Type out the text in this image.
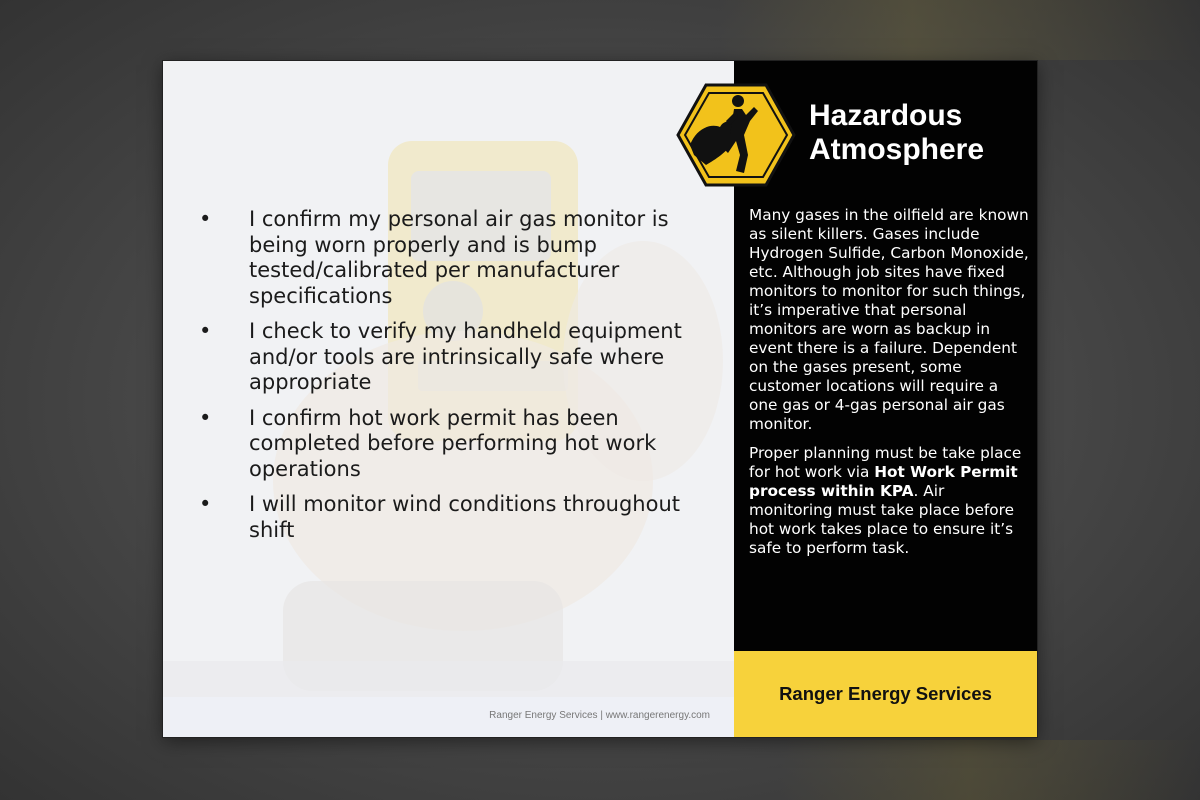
• I confirm my personal air gas monitor is being worn properly and is bump tested/calibrated per manufacturer specifications
• I check to verify my handheld equipment and/or tools are intrinsically safe where appropriate
• I confirm hot work permit has been completed before performing hot work operations
• I will monitor wind conditions throughout shift
Ranger Energy Services | www.rangerenergy.com
Hazardous
Atmosphere

Many gases in the oilfield are known as silent killers. Gases include Hydrogen Sulfide, Carbon Monoxide, etc. Although job sites have fixed monitors to monitor for such things, it’s imperative that personal monitors are worn as backup in event there is a failure. Dependent on the gases present, some customer locations will require a one gas or 4-gas personal air gas monitor.

Proper planning must be take place for hot work via Hot Work Permit process within KPA. Air monitoring must take place before hot work takes place to ensure it’s safe to perform task.

Ranger Energy Services
